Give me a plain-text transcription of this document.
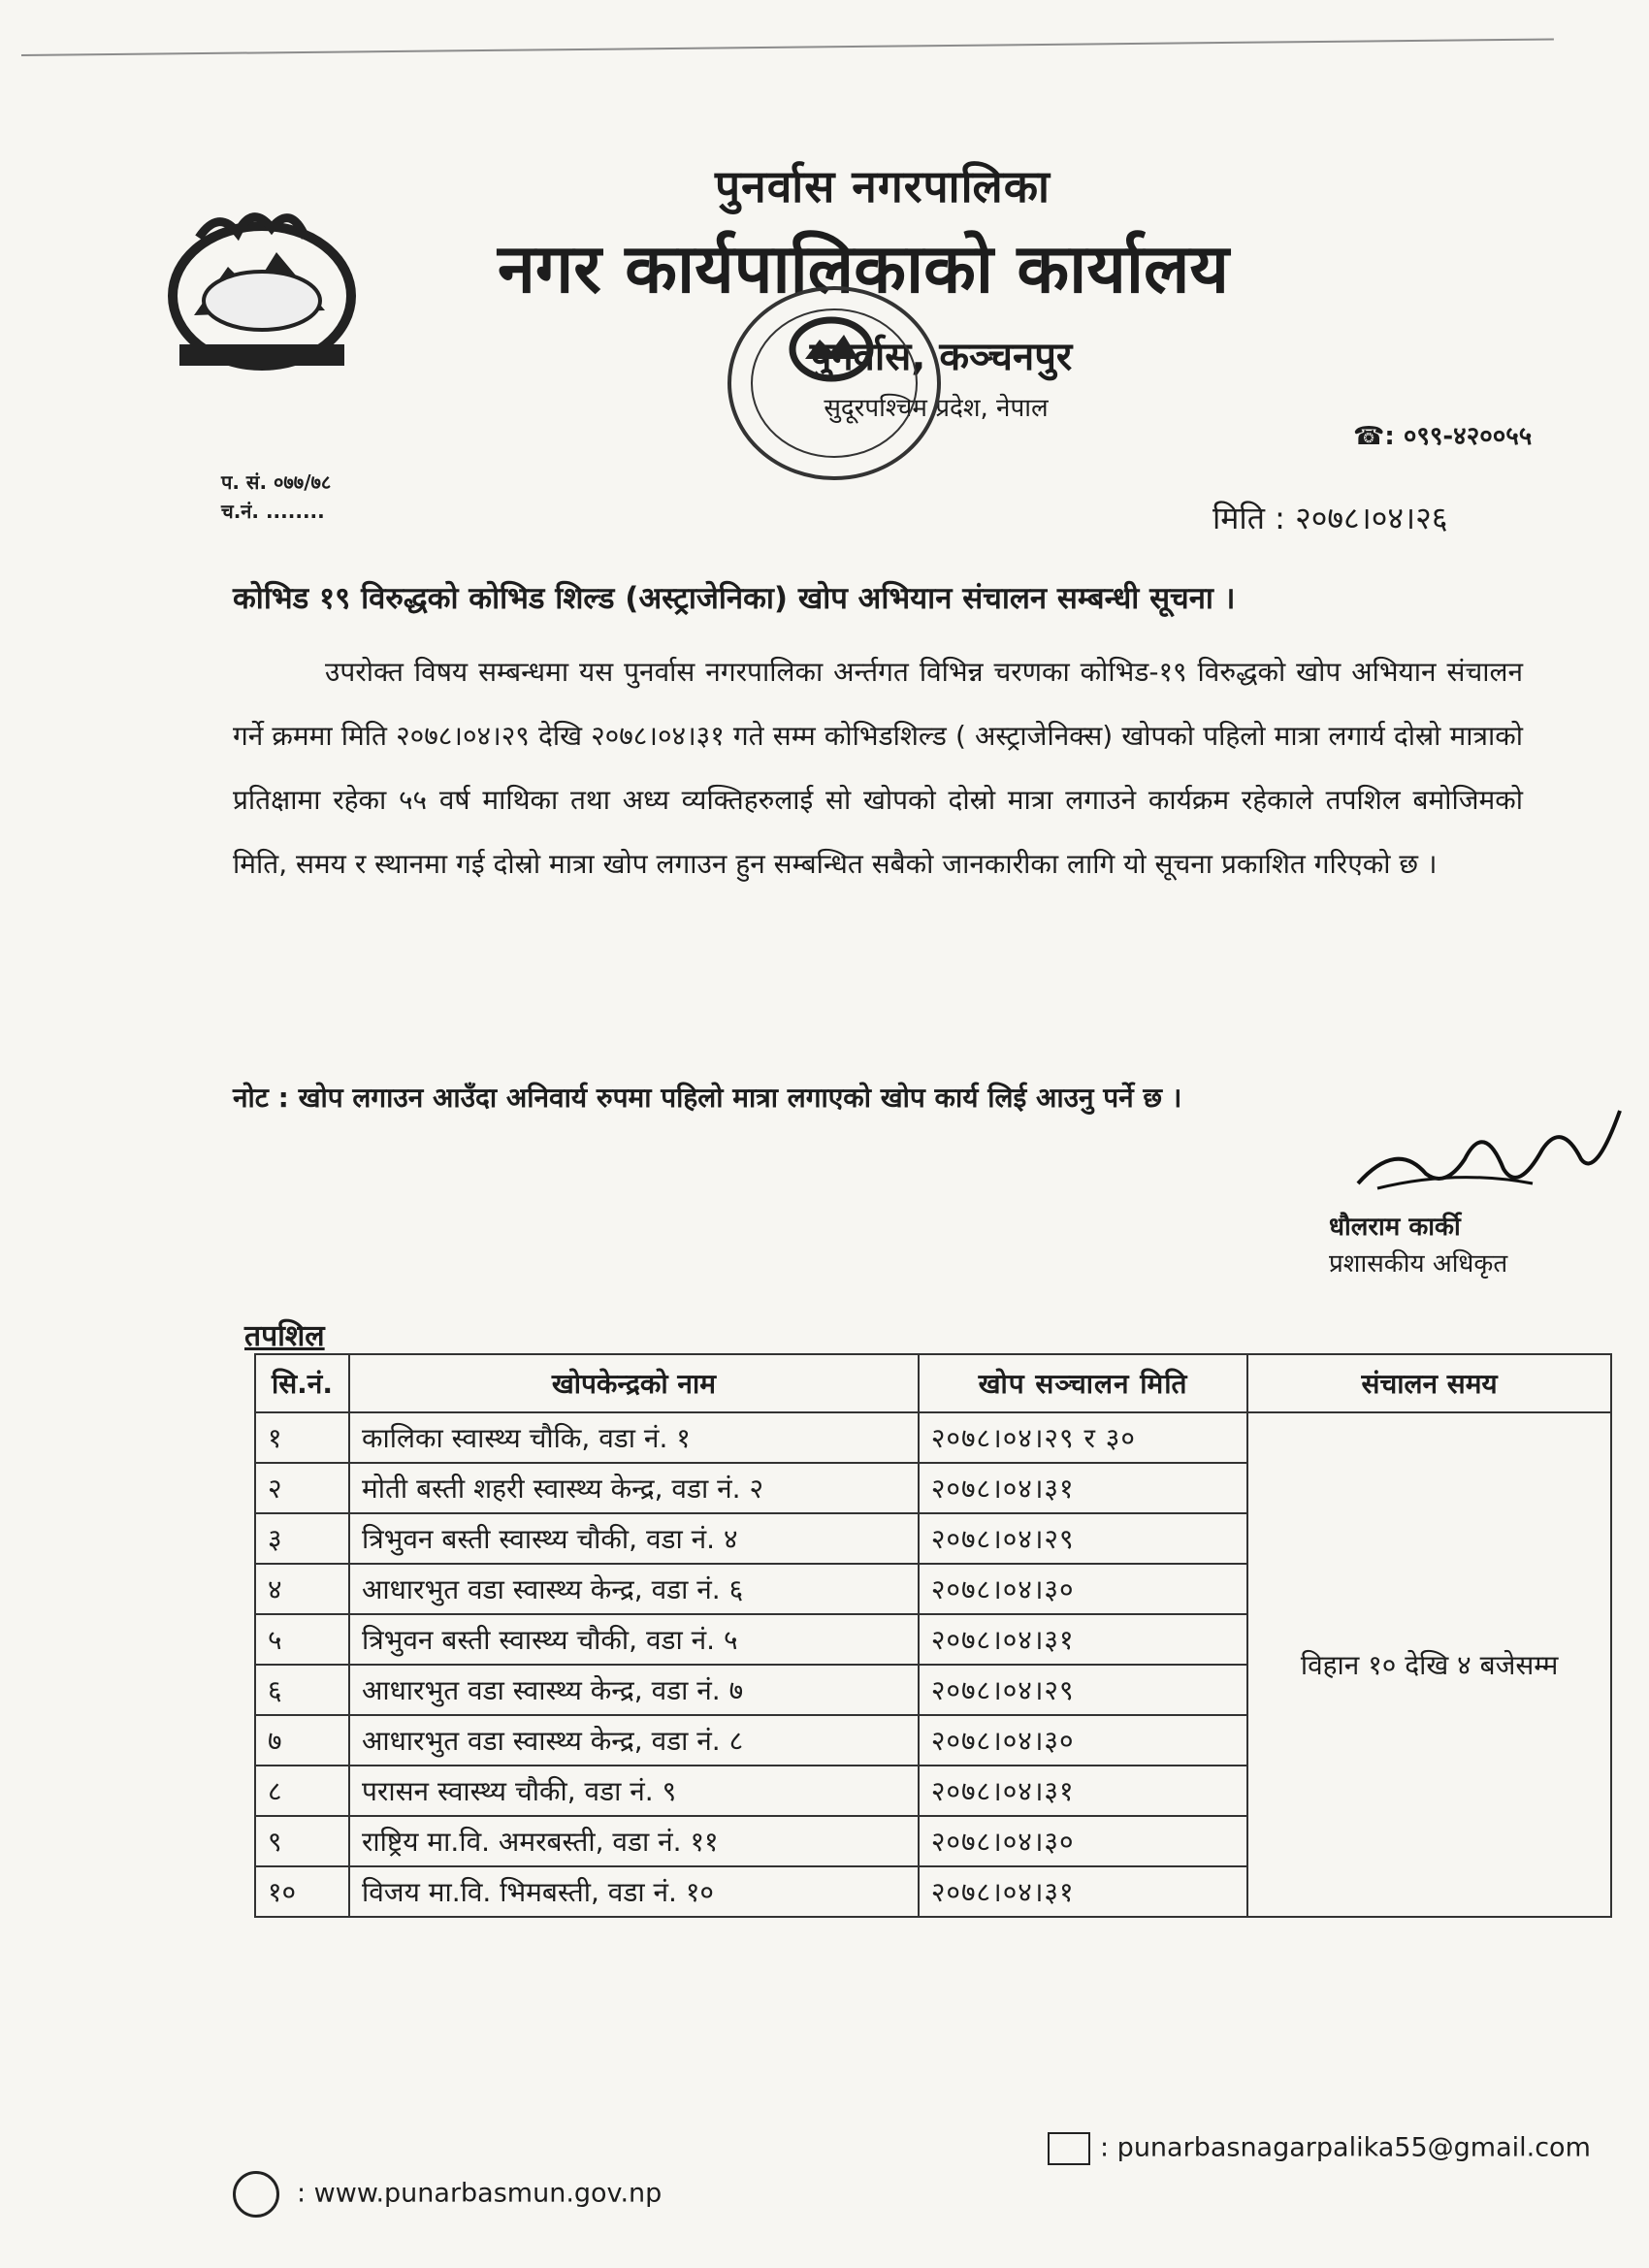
पुनर्वास नगरपालिका
नगर कार्यपालिकाको कार्यालय
पुनर्वास, कञ्चनपुर
सुदूरपश्चिम प्रदेश, नेपाल
☎: ०९९-४२००५५
प. सं. ०७७/७८
च.नं. ........	मिति : २०७८।०४।२६
कोभिड १९ विरुद्धको कोभिड शिल्ड (अस्ट्राजेनिका) खोप अभियान संचालन सम्बन्धी सूचना ।

उपरोक्त विषय सम्बन्धमा यस पुनर्वास नगरपालिका अर्न्तगत विभिन्न चरणका कोभिड-१९ विरुद्धको खोप अभियान संचालन गर्ने क्रममा मिति २०७८।०४।२९ देखि २०७८।०४।३१ गते सम्म कोभिडशिल्ड ( अस्ट्राजेनिक्स) खोपको पहिलो मात्रा लगार्य दोस्रो मात्राको प्रतिक्षामा रहेका ५५ वर्ष माथिका तथा अध्य व्यक्तिहरुलाई सो खोपको दोस्रो मात्रा लगाउने कार्यक्रम रहेकाले तपशिल बमोजिमको मिति, समय र स्थानमा गई दोस्रो मात्रा खोप लगाउन हुन सम्बन्धित सबैको जानकारीका लागि यो सूचना प्रकाशित गरिएको छ ।

नोट : खोप लगाउन आउँदा अनिवार्य रुपमा पहिलो मात्रा लगाएको खोप कार्य लिई आउनु पर्ने छ ।
धौलराम कार्की
प्रशासकीय अधिकृत
तपशिल
सि.नं.	खोपकेन्द्रको नाम	खोप सञ्चालन मिति	संचालन समय
१	कालिका स्वास्थ्य चौकि, वडा नं. १	२०७८।०४।२९ र ३०	विहान १० देखि ४ बजेसम्म
२	मोती बस्ती शहरी स्वास्थ्य केन्द्र, वडा नं. २	२०७८।०४।३१	
३	त्रिभुवन बस्ती स्वास्थ्य चौकी, वडा नं. ४	२०७८।०४।२९	
४	आधारभुत वडा स्वास्थ्य केन्द्र, वडा नं. ६	२०७८।०४।३०	
५	त्रिभुवन बस्ती स्वास्थ्य चौकी, वडा नं. ५	२०७८।०४।३१	
६	आधारभुत वडा स्वास्थ्य केन्द्र, वडा नं. ७	२०७८।०४।२९	
७	आधारभुत वडा स्वास्थ्य केन्द्र, वडा नं. ८	२०७८।०४।३०	
८	परासन स्वास्थ्य चौकी, वडा नं. ९	२०७८।०४।३१	
९	राष्ट्रिय मा.वि. अमरबस्ती, वडा नं. ११	२०७८।०४।३०	
१०	विजय मा.वि. भिमबस्ती, वडा नं. १०	२०७८।०४।३१	
: www.punarbasmun.gov.np
: punarbasnagarpalika55@gmail.com
